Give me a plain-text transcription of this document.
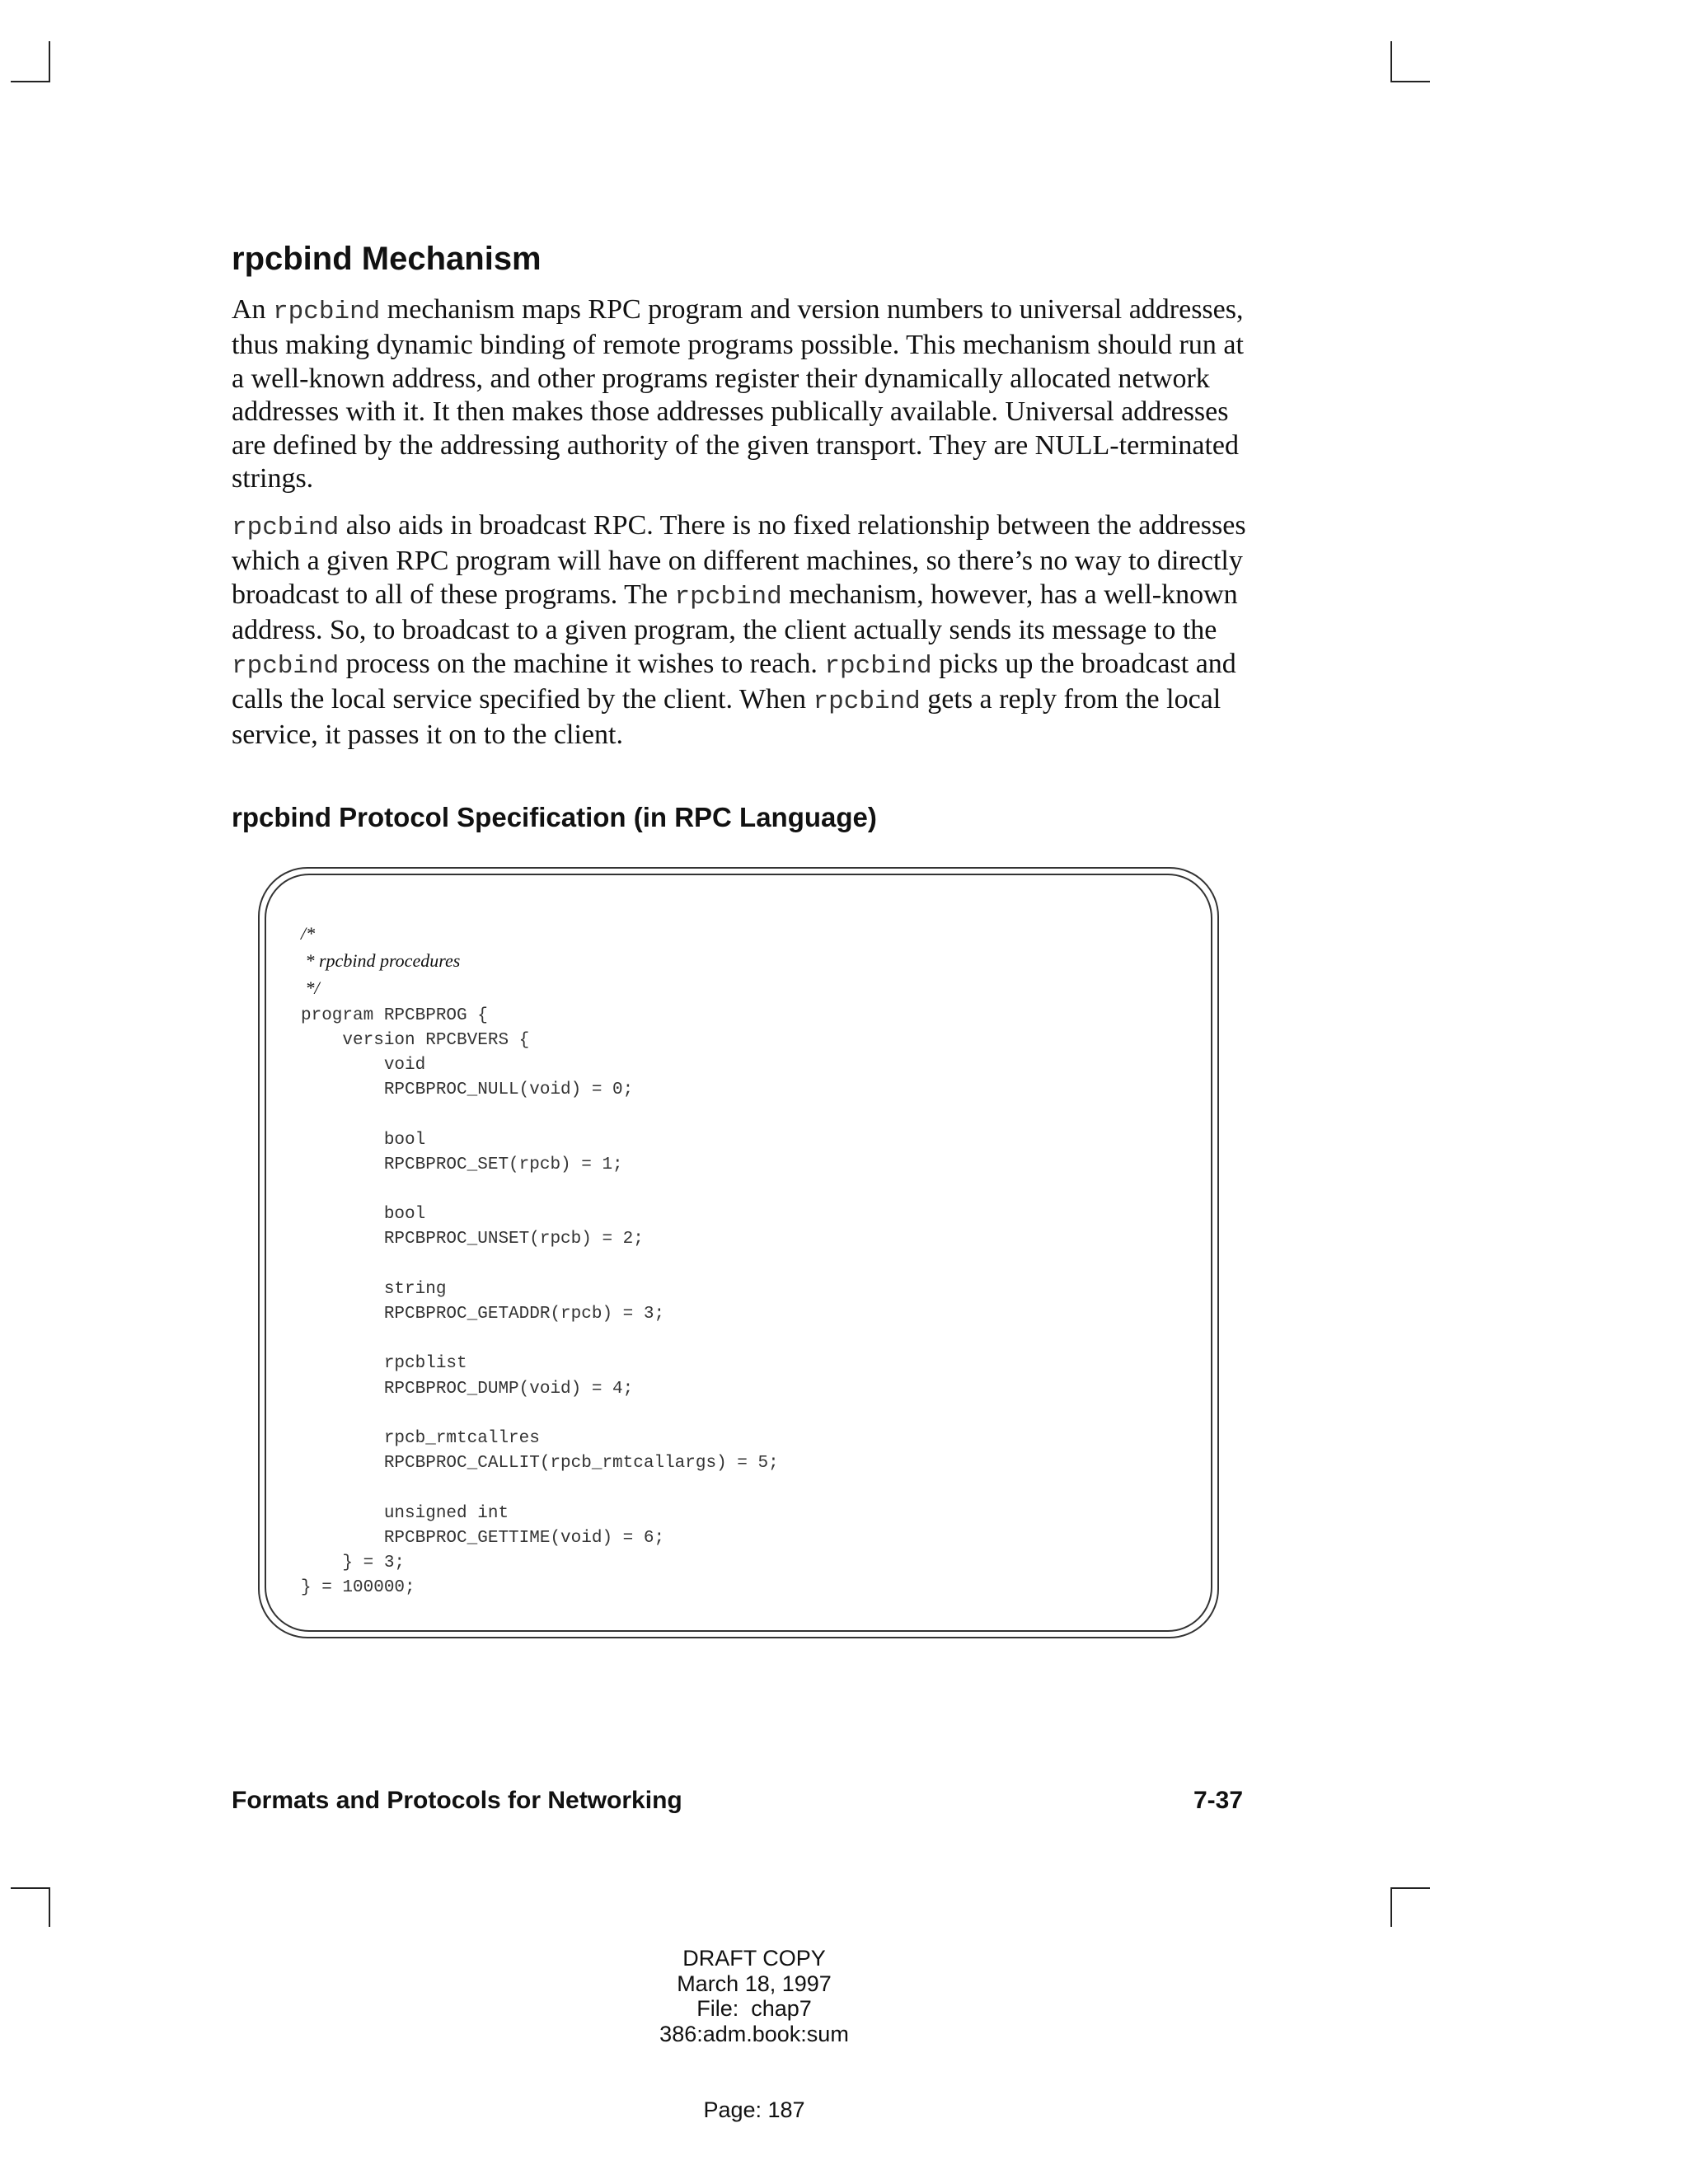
rpcbind Mechanism

An rpcbind mechanism maps RPC program and version numbers to universal addresses, thus making dynamic binding of remote programs possible. This mechanism should run at a well-known address, and other programs register their dynamically allocated network addresses with it. It then makes those addresses publically available. Universal addresses are defined by the addressing authority of the given transport. They are NULL-terminated strings.

rpcbind also aids in broadcast RPC. There is no fixed relationship between the addresses which a given RPC program will have on different machines, so there’s no way to directly broadcast to all of these programs. The rpcbind mechanism, however, has a well-known address. So, to broadcast to a given program, the client actually sends its message to the rpcbind process on the machine it wishes to reach. rpcbind picks up the broadcast and calls the local service specified by the client. When rpcbind gets a reply from the local service, it passes it on to the client.

rpcbind Protocol Specification (in RPC Language)
/*
* rpcbind procedures
*/
program RPCBPROG {
version RPCBVERS {
void
RPCBPROC_NULL(void) = 0;

bool
RPCBPROC_SET(rpcb) = 1;

bool
RPCBPROC_UNSET(rpcb) = 2;

string
RPCBPROC_GETADDR(rpcb) = 3;

rpcblist
RPCBPROC_DUMP(void) = 4;

rpcb_rmtcallres
RPCBPROC_CALLIT(rpcb_rmtcallargs) = 5;

unsigned int
RPCBPROC_GETTIME(void) = 6;
} = 3;
} = 100000;
Formats and Protocols for Networking	7-37
DRAFT COPY
March 18, 1997
File:  chap7
386:adm.book:sum
Page: 187
